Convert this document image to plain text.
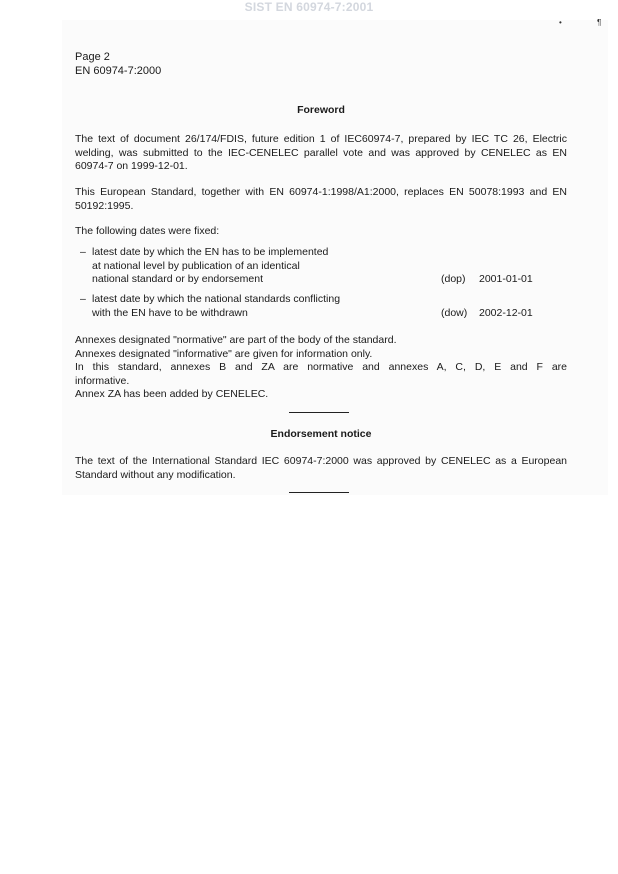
SIST EN 60974-7:2001
•	¶
Page 2
EN 60974-7:2000
Foreword
The text of document 26/174/FDIS, future edition 1 of IEC60974-7, prepared by IEC TC 26, Electric welding, was submitted to the IEC-CENELEC parallel vote and was approved by CENELEC as EN 60974-7 on 1999-12-01.
This European Standard, together with EN 60974-1:1998/A1:2000, replaces EN 50078:1993 and EN 50192:1995.
The following dates were fixed:
– latest date by which the EN has to be implemented
at national level by publication of an identical
national standard or by endorsement	(dop)	2001-01-01
– latest date by which the national standards conflicting
with the EN have to be withdrawn	(dow)	2002-12-01
Annexes designated "normative" are part of the body of the standard.
Annexes designated "informative" are given for information only.
In this standard, annexes B and ZA are normative and annexes A, C, D, E and F are
informative.
Annex ZA has been added by CENELEC.
Endorsement notice
The text of the International Standard IEC 60974-7:2000 was approved by CENELEC as a European Standard without any modification.
